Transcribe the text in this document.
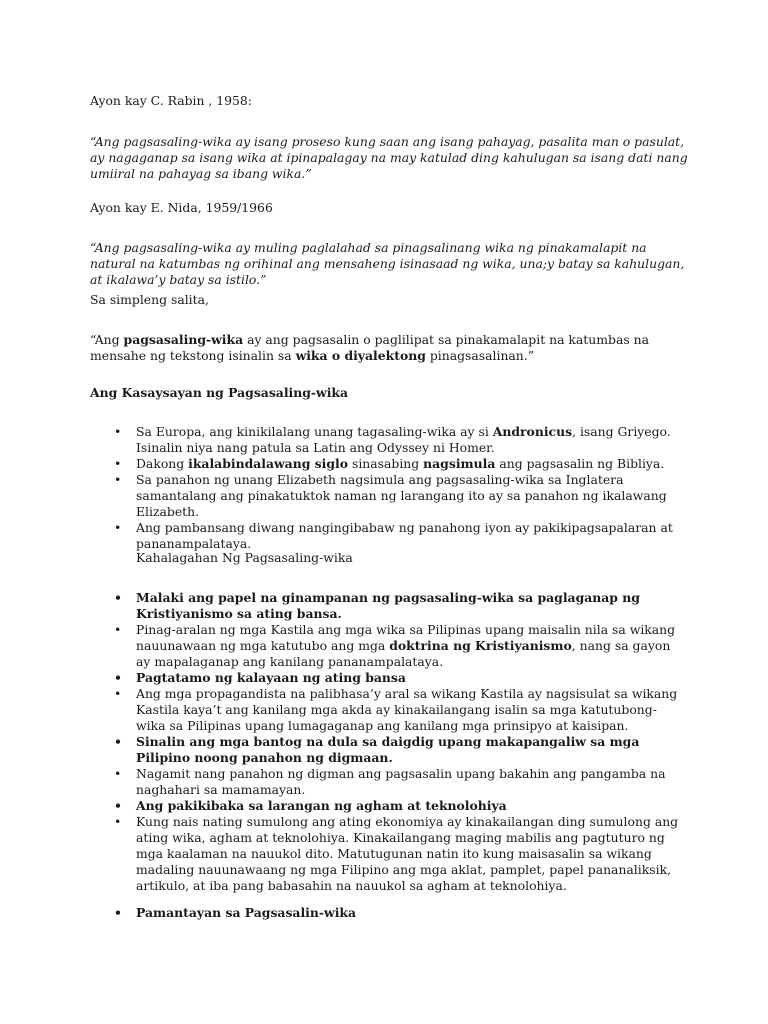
Ayon kay C. Rabin , 1958:

“Ang pagsasaling-wika ay isang proseso kung saan ang isang pahayag, pasalita man o pasulat, ay nagaganap sa isang wika at ipinapalagay na may katulad ding kahulugan sa isang dati nang umiiral na pahayag sa ibang wika.”

Ayon kay E. Nida, 1959/1966

“Ang pagsasaling-wika ay muling paglalahad sa pinagsalinang wika ng pinakamalapit na natural na katumbas ng orihinal ang mensaheng isinasaad ng wika, una;y batay sa kahulugan, at ikalawa’y batay sa istilo.”

Sa simpleng salita,

“Ang pagsasaling-wika ay ang pagsasalin o paglilipat sa pinakamalapit na katumbas na mensahe ng tekstong isinalin sa wika o diyalektong pinagsasalinan.”

Ang Kasaysayan ng Pagsasaling-wika

• Sa Europa, ang kinikilalang unang tagasaling-wika ay si Andronicus, isang Griyego. Isinalin niya nang patula sa Latin ang Odyssey ni Homer.
• Dakong ikalabindalawang siglo sinasabing nagsimula ang pagsasalin ng Bibliya.
• Sa panahon ng unang Elizabeth nagsimula ang pagsasaling-wika sa Inglatera samantalang ang pinakatuktok naman ng larangang ito ay sa panahon ng ikalawang Elizabeth.
• Ang pambansang diwang nangingibabaw ng panahong iyon ay pakikipagsapalaran at pananampalataya.

Kahalagahan Ng Pagsasaling-wika

• Malaki ang papel na ginampanan ng pagsasaling-wika sa paglaganap ng Kristiyanismo sa ating bansa.
• Pinag-aralan ng mga Kastila ang mga wika sa Pilipinas upang maisalin nila sa wikang nauunawaan ng mga katutubo ang mga doktrina ng Kristiyanismo, nang sa gayon ay mapalaganap ang kanilang pananampalataya.
• Pagtatamo ng kalayaan ng ating bansa
• Ang mga propagandista na palibhasa’y aral sa wikang Kastila ay nagsisulat sa wikang Kastila kaya’t ang kanilang mga akda ay kinakailangang isalin sa mga katutubong-wika sa Pilipinas upang lumagaganap ang kanilang mga prinsipyo at kaisipan.
• Sinalin ang mga bantog na dula sa daigdig upang makapangaliw sa mga Pilipino noong panahon ng digmaan.
• Nagamit nang panahon ng digman ang pagsasalin upang bakahin ang pangamba na naghahari sa mamamayan.
• Ang pakikibaka sa larangan ng agham at teknolohiya
• Kung nais nating sumulong ang ating ekonomiya ay kinakailangan ding sumulong ang ating wika, agham at teknolohiya. Kinakailangang maging mabilis ang pagtuturo ng mga kaalaman na nauukol dito. Matutugunan natin ito kung maisasalin sa wikang madaling nauunawaang ng mga Filipino ang mga aklat, pamplet, papel pananaliksik, artikulo, at iba pang babasahin na nauukol sa agham at teknolohiya.
• Pamantayan sa Pagsasalin-wika
